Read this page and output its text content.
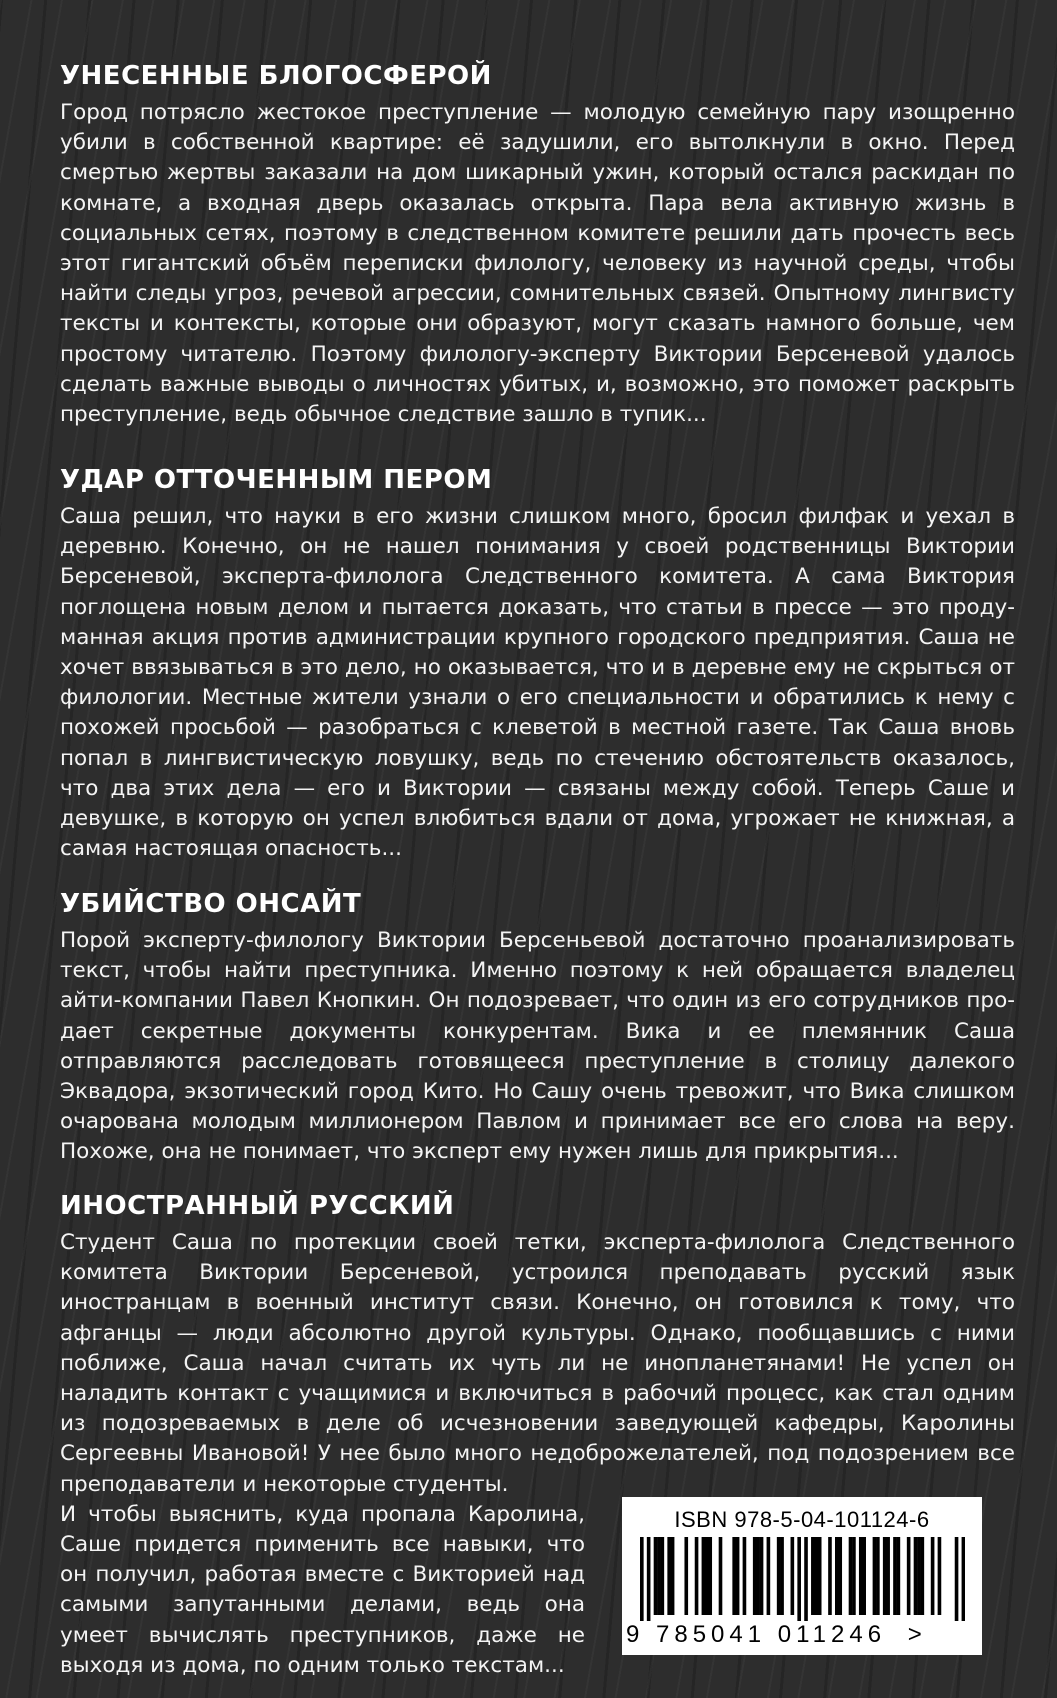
УНЕСЕННЫЕ БЛОГОСФЕРОЙ

Город потрясло жестокое преступление — молодую семейную пару изощренно убили в собственной квартире: её задушили, его вытолкнули в окно. Перед смертью жертвы заказали на дом шикарный ужин, который остался раскидан по комнате, а входная дверь оказалась открыта. Пара вела активную жизнь в социальных сетях, поэтому в следственном комитете решили дать прочесть весь этот гигантский объём переписки филологу, человеку из научной среды, чтобы найти следы угроз, речевой агрессии, сомнительных связей. Опытному лингвисту тексты и контексты, которые они образуют, могут сказать намного больше, чем простому читателю. Поэтому филологу-эксперту Виктории Берсеневой удалось сделать важные выводы о личностях убитых, и, возможно, это поможет раскрыть преступление, ведь обычное следствие зашло в тупик...

УДАР ОТТОЧЕННЫМ ПЕРОМ

Саша решил, что науки в его жизни слишком много, бросил филфак и уехал в деревню. Конечно, он не нашел понимания у своей родственницы Виктории Берсеневой, эксперта-филолога Следственного комитета. А сама Виктория поглощена новым делом и пытается доказать, что статьи в прессе — это продуманная акция против администрации крупного городского предприятия. Саша не хочет ввязываться в это дело, но оказывается, что и в деревне ему не скрыться от филологии. Местные жители узнали о его специальности и обратились к нему с похожей просьбой — разобраться с клеветой в местной газете. Так Саша вновь попал в лингвистическую ловушку, ведь по стечению обстоятельств оказалось, что два этих дела — его и Виктории — связаны между собой. Теперь Саше и девушке, в которую он успел влюбиться вдали от дома, угрожает не книжная, а самая настоящая опасность...

УБИЙСТВО ОНСАЙТ

Порой эксперту-филологу Виктории Берсеньевой достаточно проанализировать текст, чтобы найти преступника. Именно поэтому к ней обращается владелец айти-компании Павел Кнопкин. Он подозревает, что один из его сотрудников продает секретные документы конкурентам. Вика и ее племянник Саша отправляются расследовать готовящееся преступление в столицу далекого Эквадора, экзотический город Кито. Но Сашу очень тревожит, что Вика слишком очарована молодым миллионером Павлом и принимает все его слова на веру. Похоже, она не понимает, что эксперт ему нужен лишь для прикрытия...

ИНОСТРАННЫЙ РУССКИЙ

Студент Саша по протекции своей тетки, эксперта-филолога Следственного комитета Виктории Берсеневой, устроился преподавать русский язык иностранцам в военный институт связи. Конечно, он готовился к тому, что афганцы — люди абсолютно другой культуры. Однако, пообщавшись с ними поближе, Саша начал считать их чуть ли не инопланетянами! Не успел он наладить контакт с учащимися и включиться в рабочий процесс, как стал одним из подозреваемых в деле об исчезновении заведующей кафедры, Каролины Сергеевны Ивановой! У нее было много недоброжелателей, под подозрением все преподаватели и некоторые студенты.

И чтобы выяснить, куда пропала Каролина, Саше придется применить все навыки, что он получил, работая вместе с Викторией над самыми запутанными делами, ведь она умеет вычислять преступников, даже не выходя из дома, по одним только текстам...

ISBN 978-5-04-101124-6
9 785041 011246 >
